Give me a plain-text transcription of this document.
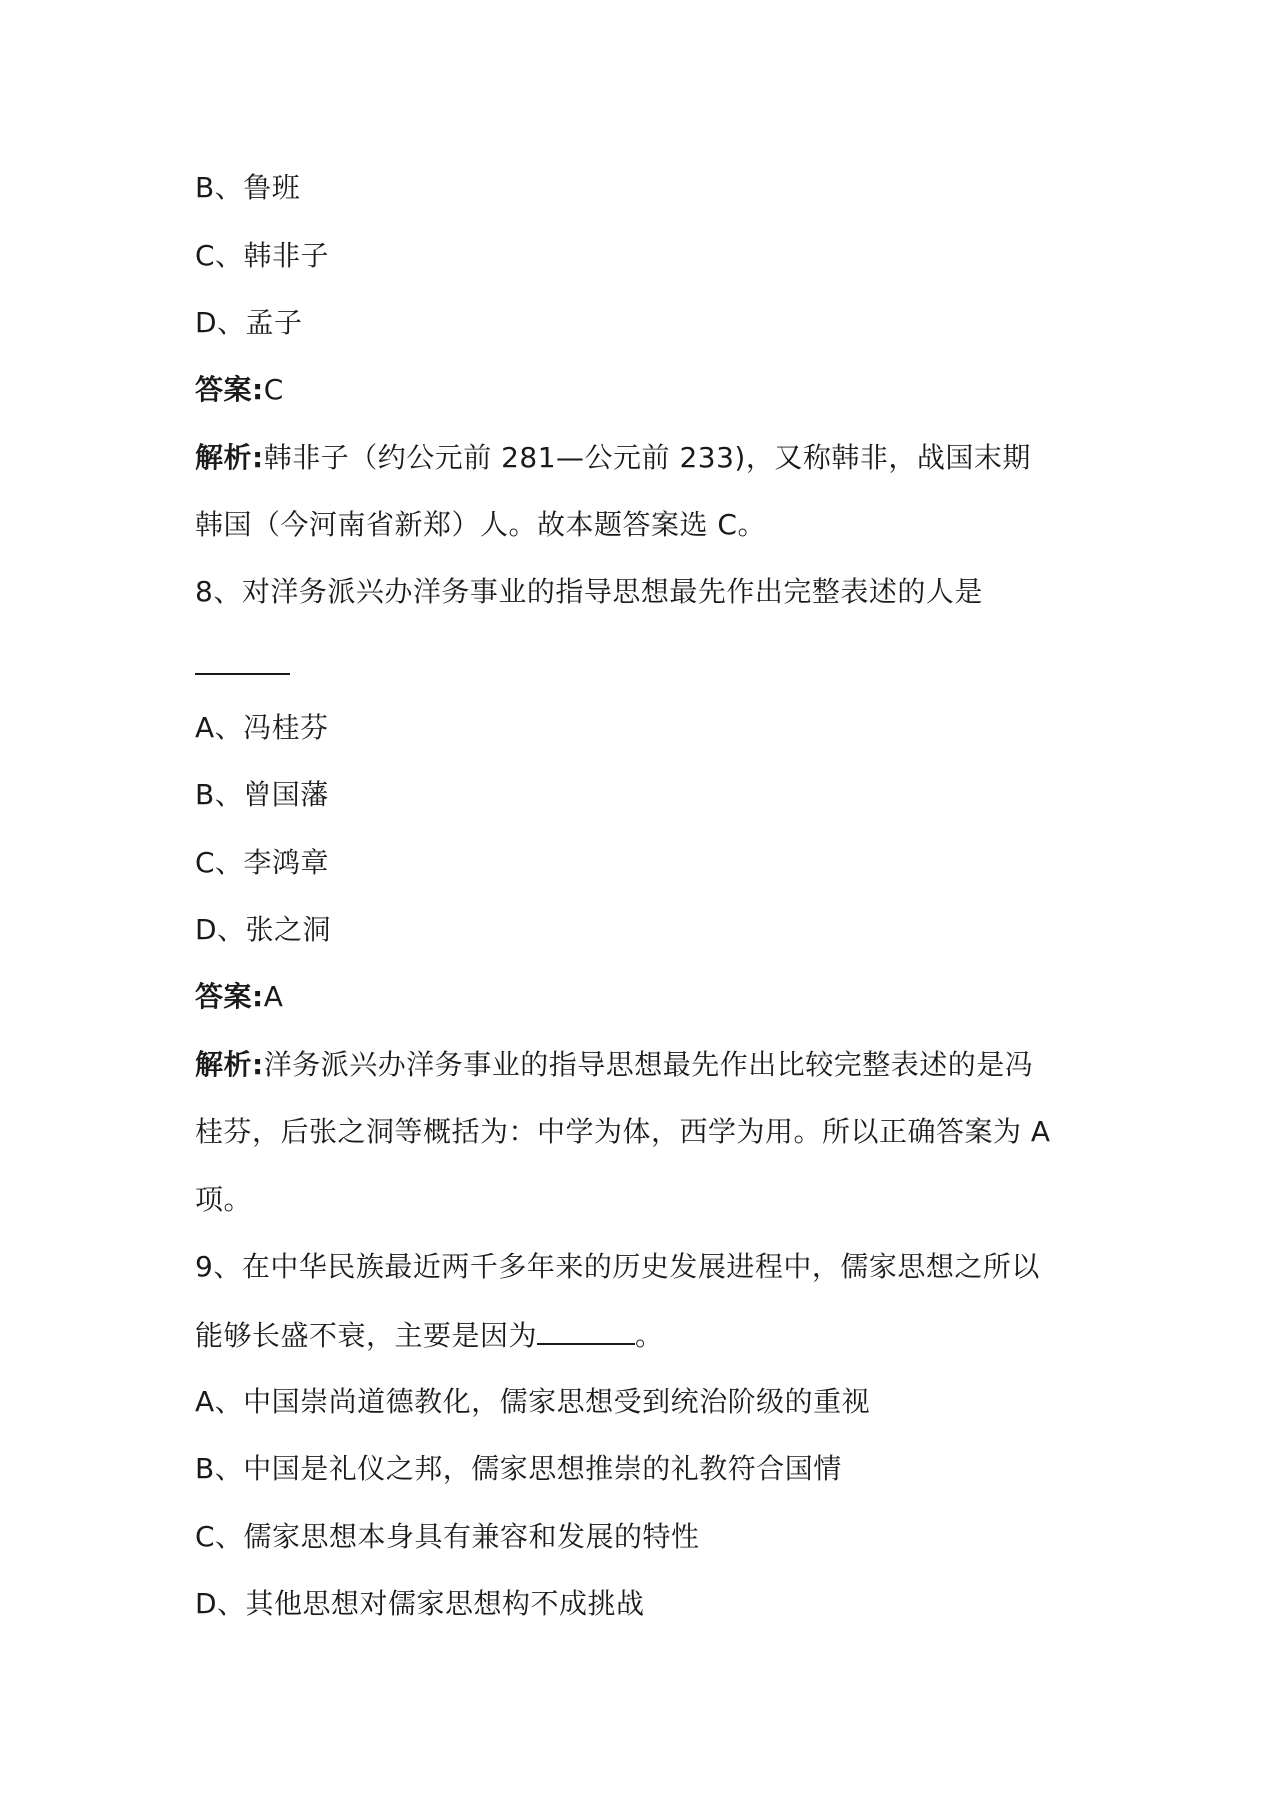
B、鲁班
C、韩非子
D、孟子
答案:C
解析:韩非子（约公元前 281—公元前 233)，又称韩非，战国末期
韩国（今河南省新郑）人。故本题答案选 C。
8、对洋务派兴办洋务事业的指导思想最先作出完整表述的人是
A、冯桂芬
B、曾国藩
C、李鸿章
D、张之洞
答案:A
解析:洋务派兴办洋务事业的指导思想最先作出比较完整表述的是冯
桂芬，后张之洞等概括为：中学为体，西学为用。所以正确答案为 A
项。
9、在中华民族最近两千多年来的历史发展进程中，儒家思想之所以
能够长盛不衰，主要是因为	。
A、中国崇尚道德教化，儒家思想受到统治阶级的重视
B、中国是礼仪之邦，儒家思想推崇的礼教符合国情
C、儒家思想本身具有兼容和发展的特性
D、其他思想对儒家思想构不成挑战
